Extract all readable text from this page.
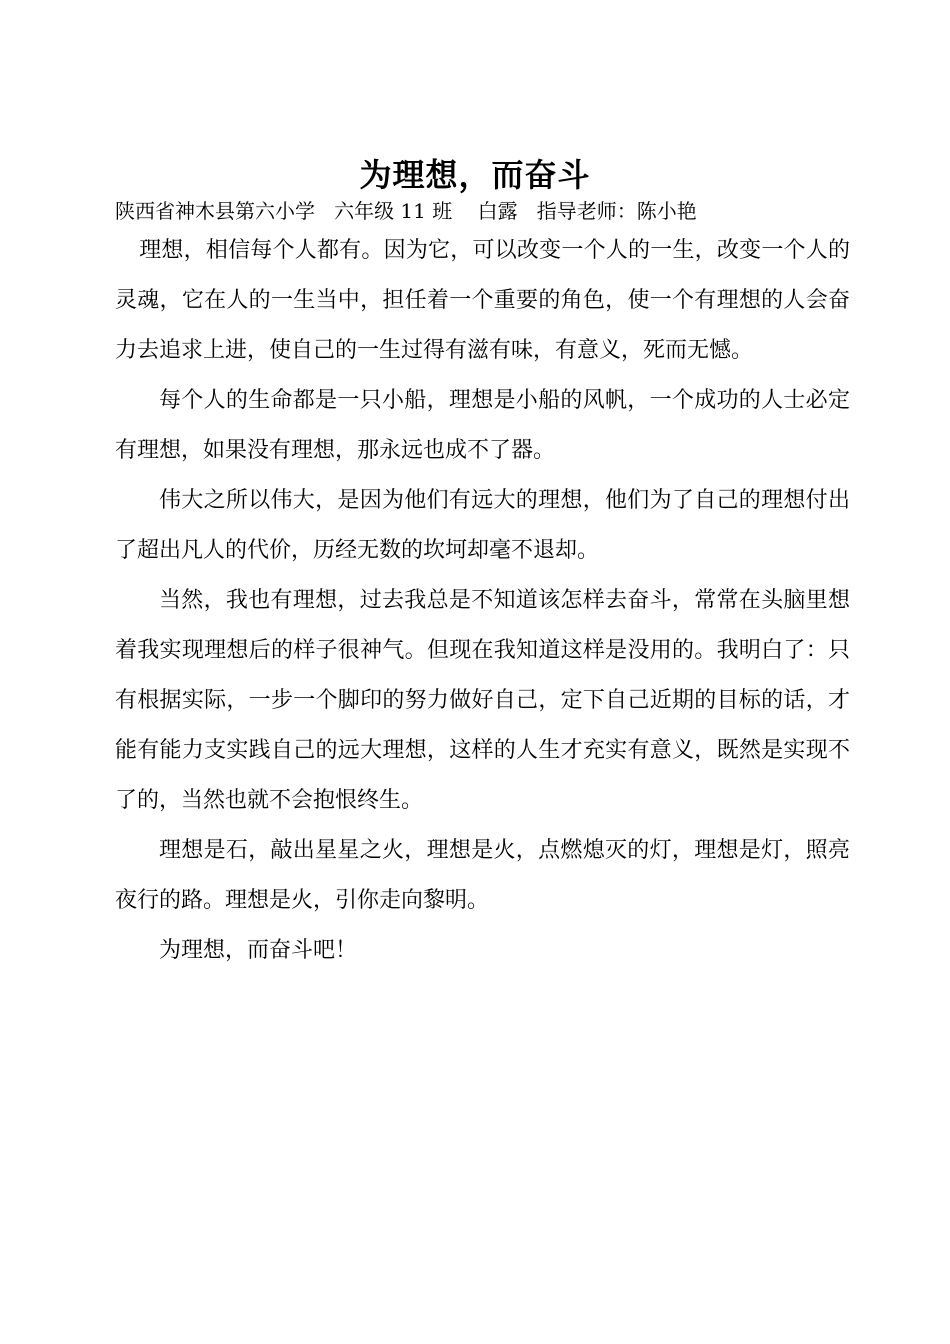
为理想，而奋斗
陕西省神木县第六小学   六年级 11 班    白露   指导老师：陈小艳

理想，相信每个人都有。因为它，可以改变一个人的一生，改变一个人的灵魂，它在人的一生当中，担任着一个重要的角色，使一个有理想的人会奋力去追求上进，使自己的一生过得有滋有味，有意义，死而无憾。

每个人的生命都是一只小船，理想是小船的风帆，一个成功的人士必定有理想，如果没有理想，那永远也成不了器。

伟大之所以伟大，是因为他们有远大的理想，他们为了自己的理想付出了超出凡人的代价，历经无数的坎坷却毫不退却。

当然，我也有理想，过去我总是不知道该怎样去奋斗，常常在头脑里想着我实现理想后的样子很神气。但现在我知道这样是没用的。我明白了：只有根据实际，一步一个脚印的努力做好自己，定下自己近期的目标的话，才能有能力支实践自己的远大理想，这样的人生才充实有意义，既然是实现不了的，当然也就不会抱恨终生。

理想是石，敲出星星之火，理想是火，点燃熄灭的灯，理想是灯，照亮夜行的路。理想是火，引你走向黎明。

为理想，而奋斗吧！
